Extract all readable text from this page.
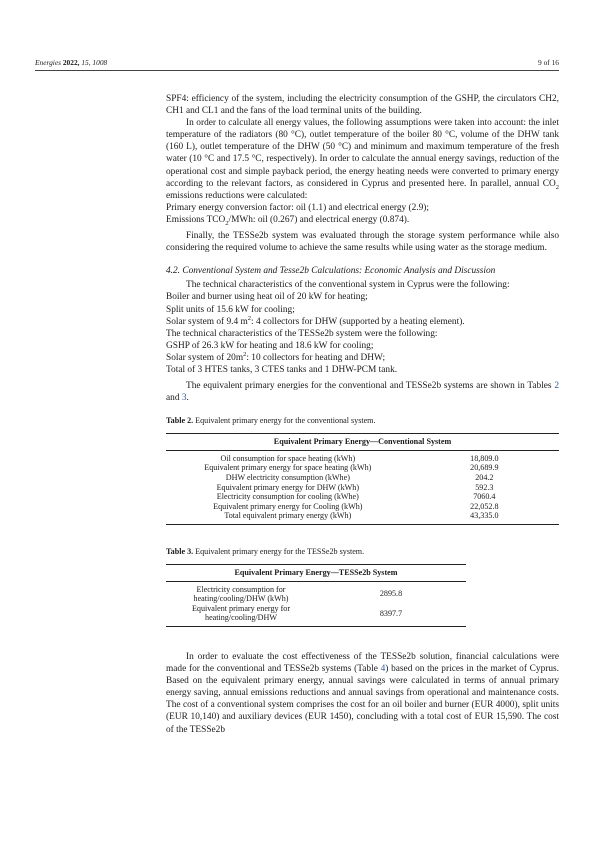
Energies 2022, 15, 1008	9 of 16

SPF4: efficiency of the system, including the electricity consumption of the GSHP, the circulators CH2, CH1 and CL1 and the fans of the load terminal units of the building.

In order to calculate all energy values, the following assumptions were taken into account: the inlet temperature of the radiators (80 °C), outlet temperature of the boiler 80 °C, volume of the DHW tank (160 L), outlet temperature of the DHW (50 °C) and minimum and maximum temperature of the fresh water (10 °C and 17.5 °C, respectively). In order to calculate the annual energy savings, reduction of the operational cost and simple payback period, the energy heating needs were converted to primary energy according to the relevant factors, as considered in Cyprus and presented here. In parallel, annual $CO_2$ emissions reductions were calculated:

Primary energy conversion factor: oil (1.1) and electrical energy (2.9);
Emissions $TCO_2$/MWh: oil (0.267) and electrical energy (0.874).

Finally, the TESSe2b system was evaluated through the storage system performance while also considering the required volume to achieve the same results while using water as the storage medium.

4.2. Conventional System and Tesse2b Calculations: Economic Analysis and Discussion

The technical characteristics of the conventional system in Cyprus were the following:

Boiler and burner using heat oil of 20 kW for heating;
Split units of 15.6 kW for cooling;
Solar system of 9.4 $m^2$: 4 collectors for DHW (supported by a heating element).
The technical characteristics of the TESSe2b system were the following:
GSHP of 26.3 kW for heating and 18.6 kW for cooling;
Solar system of $20m^2$: 10 collectors for heating and DHW;
Total of 3 HTES tanks, 3 CTES tanks and 1 DHW-PCM tank.

The equivalent primary energies for the conventional and TESSe2b systems are shown in Tables 2 and 3.

Table 2. Equivalent primary energy for the conventional system.
Equivalent Primary Energy—Conventional System	
Oil consumption for space heating (kWh)	18,809.0
Equivalent primary energy for space heating (kWh)	20,689.9
DHW electricity consumption (kWhe)	204.2
Equivalent primary energy for DHW (kWh)	592.3
Electricity consumption for cooling (kWhe)	7060.4
Equivalent primary energy for Cooling (kWh)	22,052.8
Total equivalent primary energy (kWh)	43,335.0
Table 3. Equivalent primary energy for the TESSe2b system.
Equivalent Primary Energy—TESSe2b System	
Electricity consumption for
heating/cooling/DHW (kWh)	2895.8
Equivalent primary energy for
heating/cooling/DHW	8397.7

In order to evaluate the cost effectiveness of the TESSe2b solution, financial calculations were made for the conventional and TESSe2b systems (Table 4) based on the prices in the market of Cyprus. Based on the equivalent primary energy, annual savings were calculated in terms of annual primary energy saving, annual emissions reductions and annual savings from operational and maintenance costs. The cost of a conventional system comprises the cost for an oil boiler and burner (EUR 4000), split units (EUR 10,140) and auxiliary devices (EUR 1450), concluding with a total cost of EUR 15,590. The cost of the TESSe2b
